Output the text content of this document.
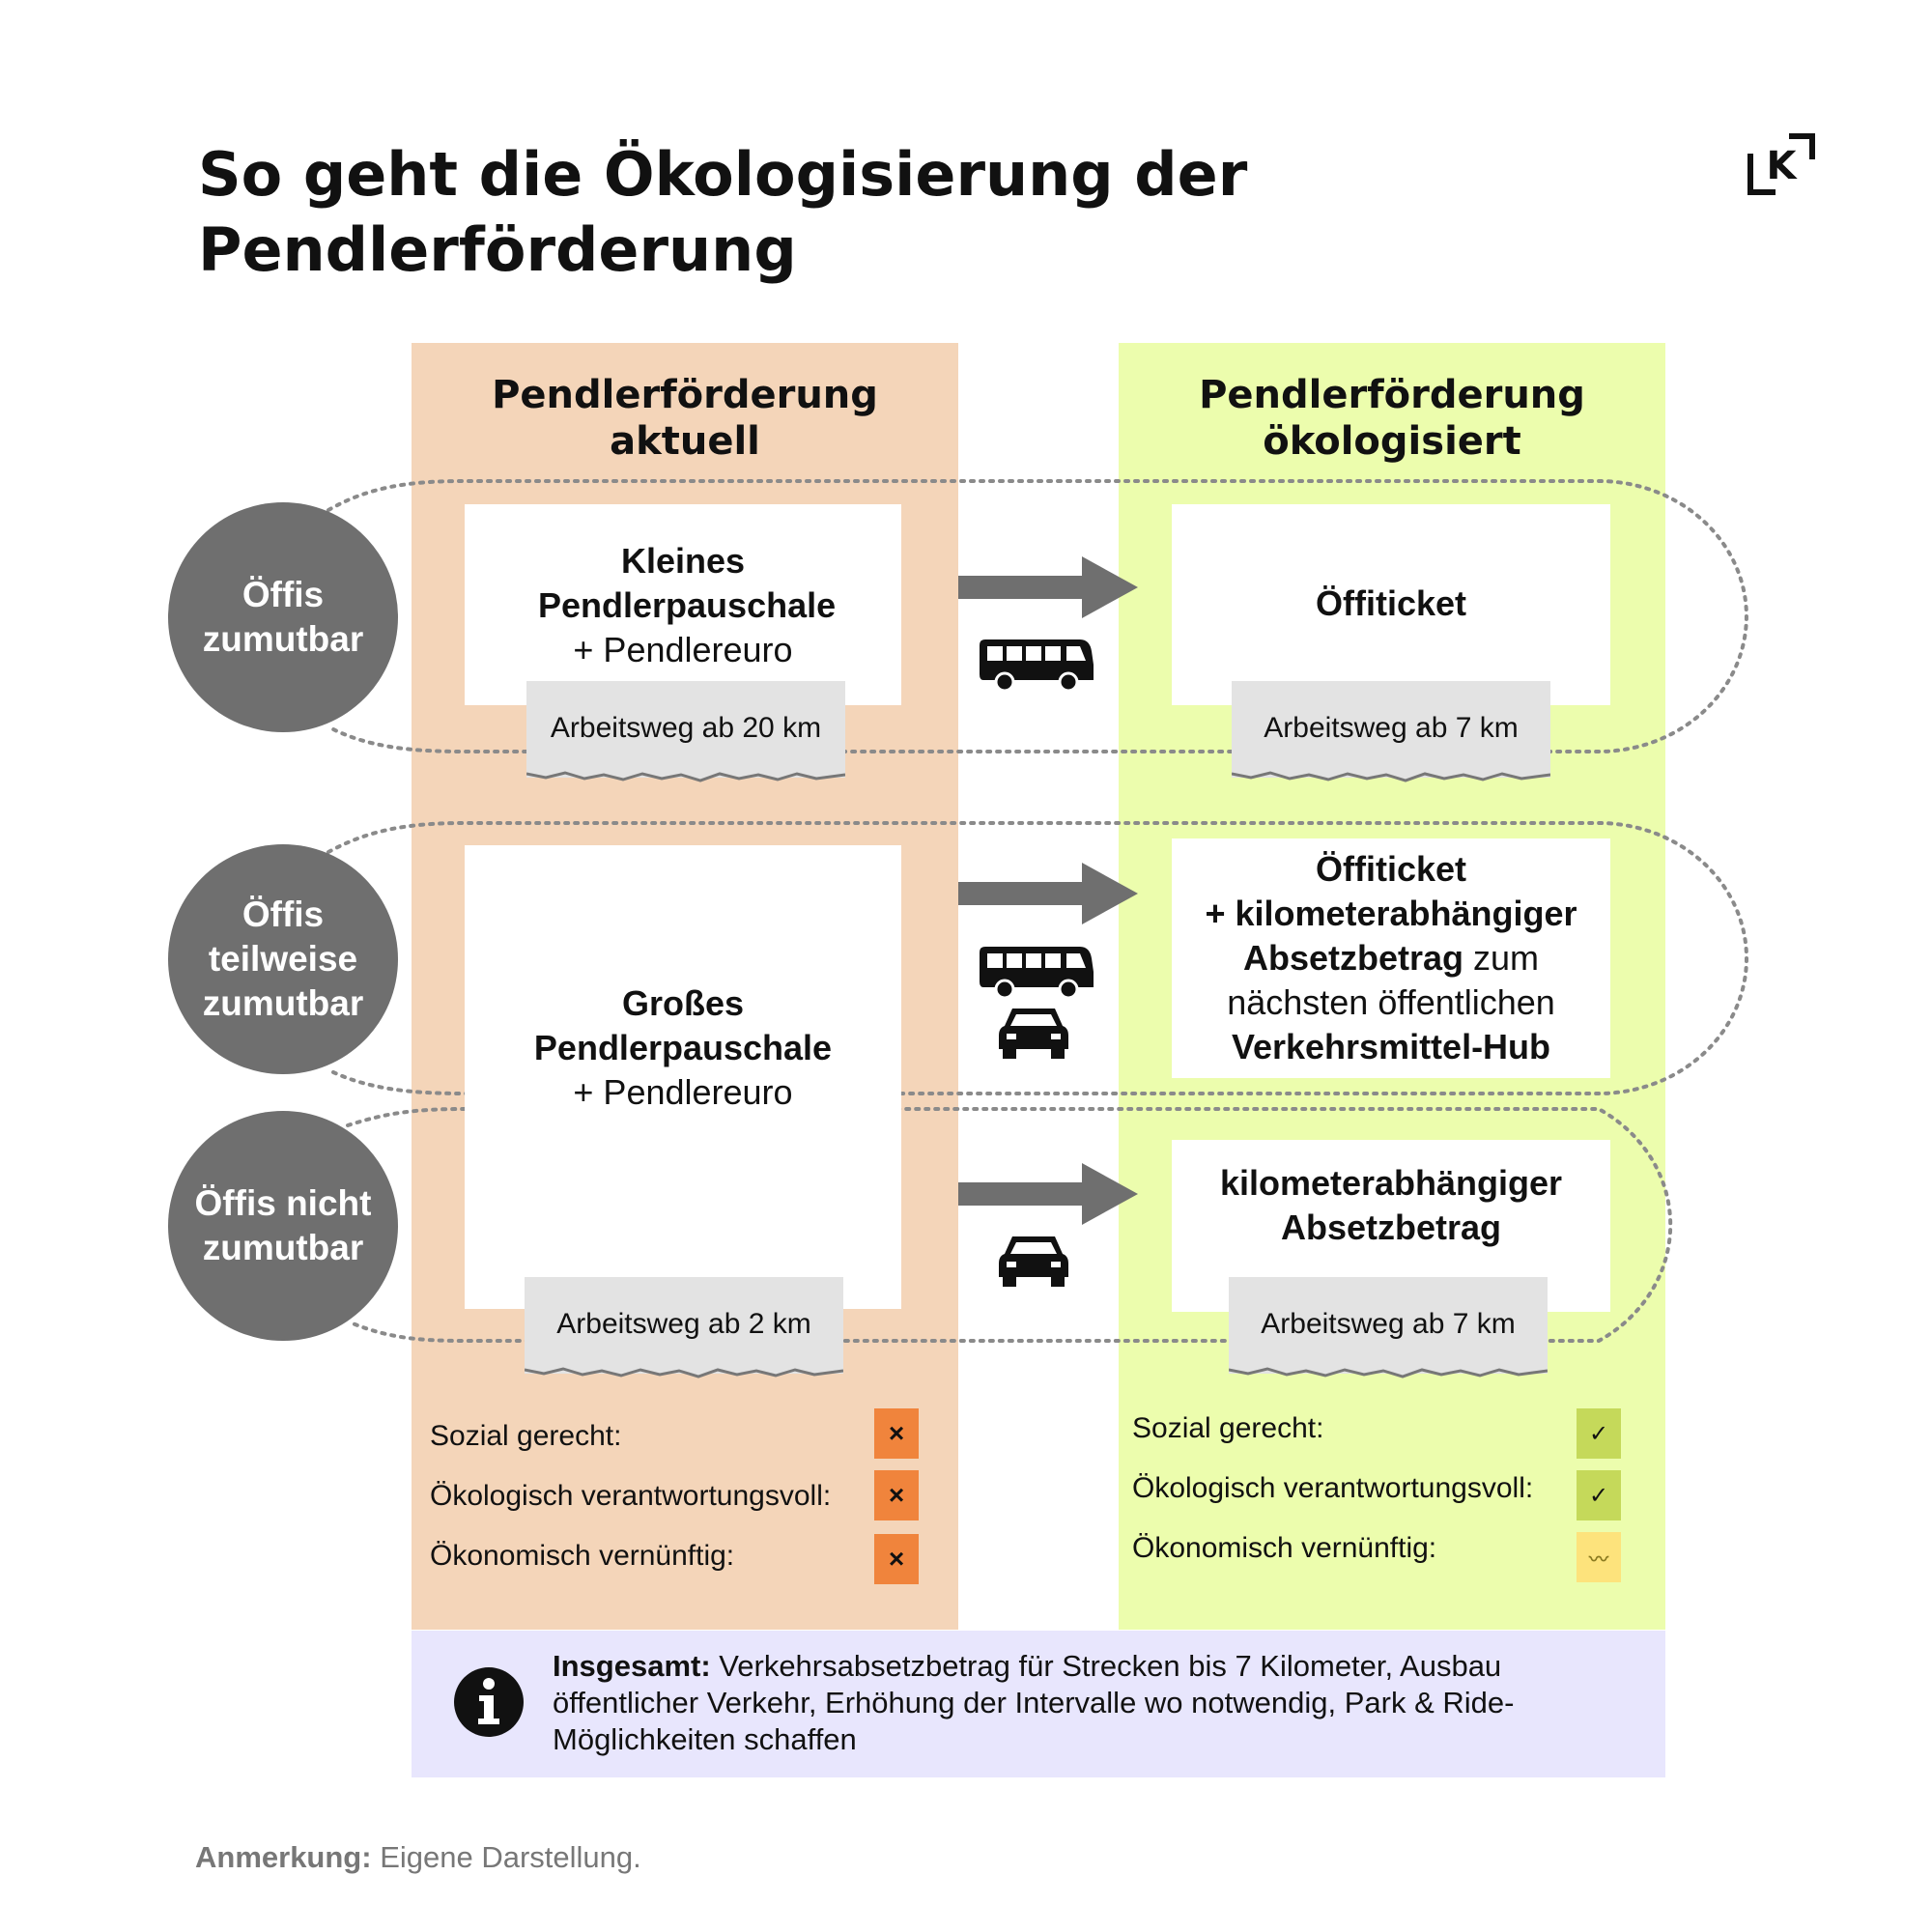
So geht die Ökologisierung der Pendlerförderung
K
Pendlerförderung aktuell
Pendlerförderung ökologisiert
Öffis
zumutbar
Öffis
teilweise
zumutbar
Öffis nicht
zumutbar
Kleines Pendlerpauschale
+ Pendlereuro
Arbeitsweg ab 20 km
Großes Pendlerpauschale
+ Pendlereuro
Arbeitsweg ab 2 km
Öffiticket
Arbeitsweg ab 7 km
Öffiticket
+ kilometerabhängiger
Absetzbetrag zum
nächsten öffentlichen
Verkehrsmittel-Hub
kilometerabhängiger Absetzbetrag
Arbeitsweg ab 7 km
Sozial gerecht:
Ökologisch verantwortungsvoll:
Ökonomisch vernünftig:
×
×
×
Sozial gerecht:
Ökologisch verantwortungsvoll:
Ökonomisch vernünftig:
✓
✓
〰
Insgesamt: Verkehrsabsetzbetrag für Strecken bis 7 Kilometer, Ausbau öffentlicher Verkehr, Erhöhung der Intervalle wo notwendig, Park & Ride-Möglichkeiten schaffen
Anmerkung: Eigene Darstellung.
